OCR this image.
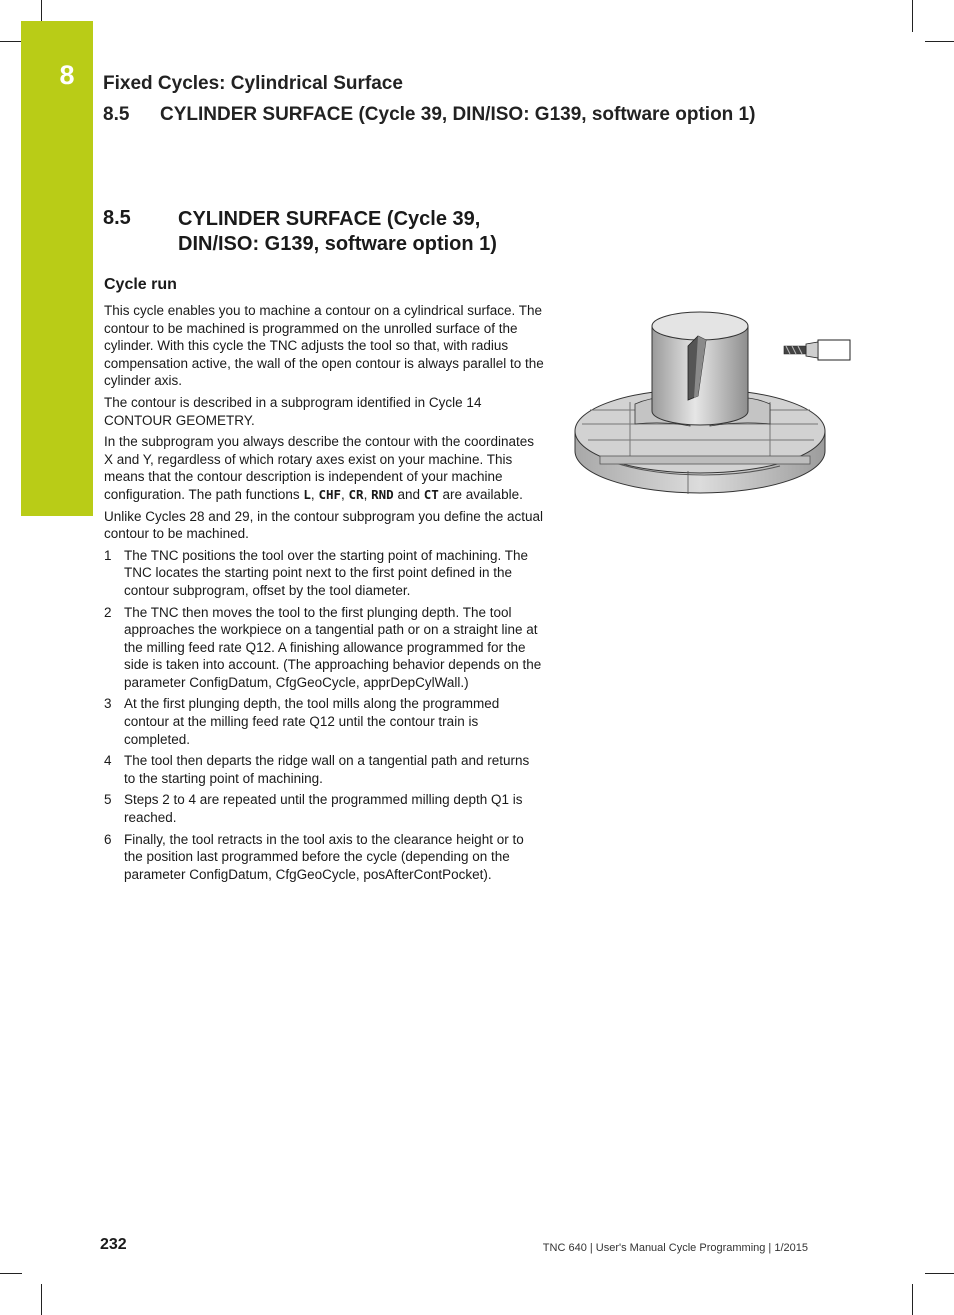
8	Fixed Cycles: Cylindrical Surface
8.5 CYLINDER SURFACE (Cycle 39, DIN/ISO: G139, software option 1)
8.5 CYLINDER SURFACE (Cycle 39,
DIN/ISO: G139, software option 1)
Cycle run

This cycle enables you to machine a contour on a cylindrical surface. The contour to be machined is programmed on the unrolled surface of the cylinder. With this cycle the TNC adjusts the tool so that, with radius compensation active, the wall of the open contour is always parallel to the cylinder axis.

The contour is described in a subprogram identified in Cycle 14 CONTOUR GEOMETRY.

In the subprogram you always describe the contour with the coordinates X and Y, regardless of which rotary axes exist on your machine. This means that the contour description is independent of your machine configuration. The path functions L, CHF, CR, RND and CT are available.

Unlike Cycles 28 and 29, in the contour subprogram you define the actual contour to be machined.

1 The TNC positions the tool over the starting point of machining. The TNC locates the starting point next to the first point defined in the contour subprogram, offset by the tool diameter.
2 The TNC then moves the tool to the first plunging depth. The tool approaches the workpiece on a tangential path or on a straight line at the milling feed rate Q12. A finishing allowance programmed for the side is taken into account. (The approaching behavior depends on the parameter ConfigDatum, CfgGeoCycle, apprDepCylWall.)
3 At the first plunging depth, the tool mills along the programmed contour at the milling feed rate Q12 until the contour train is completed.
4 The tool then departs the ridge wall on a tangential path and returns to the starting point of machining.
5 Steps 2 to 4 are repeated until the programmed milling depth Q1 is reached.
6 Finally, the tool retracts in the tool axis to the clearance height or to the position last programmed before the cycle (depending on the parameter ConfigDatum, CfgGeoCycle, posAfterContPocket).
232	TNC 640 | User's Manual Cycle Programming | 1/2015
